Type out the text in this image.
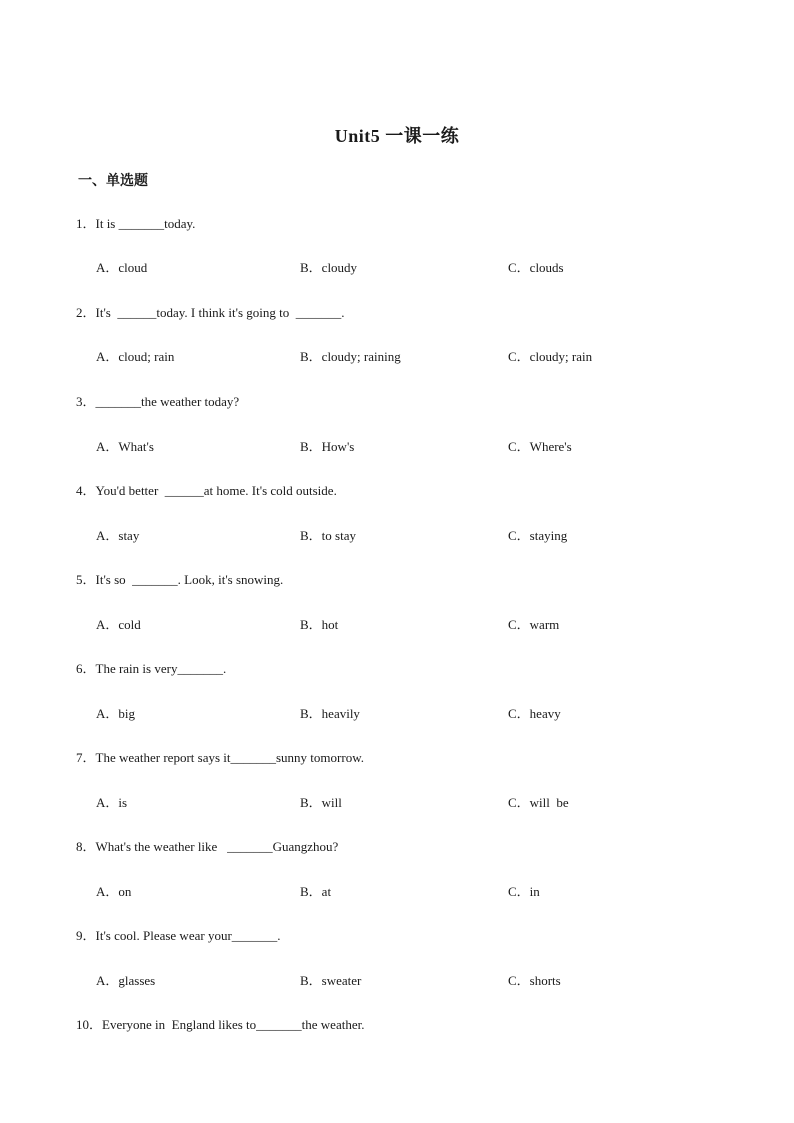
Unit5 一课一练
一、单选题
1．It is _______today.
A．cloud	B．cloudy	C．clouds
2．It's  ______today. I think it's going to  _______.
A．cloud; rain	B．cloudy; raining	C．cloudy; rain
3．_______the weather today?
A．What's	B．How's	C．Where's
4．You'd better  ______at home. It's cold outside.
A．stay	B．to stay	C．staying
5．It's so  _______. Look, it's snowing.
A．cold	B．hot	C．warm
6．The rain is very_______.
A．big	B．heavily	C．heavy
7．The weather report says it_______sunny tomorrow.
A．is	B．will	C．will  be
8．What's the weather like   _______Guangzhou?
A．on	B．at	C．in
9．It's cool. Please wear your_______.
A．glasses	B．sweater	C．shorts
10．Everyone in  England likes to_______the weather.
